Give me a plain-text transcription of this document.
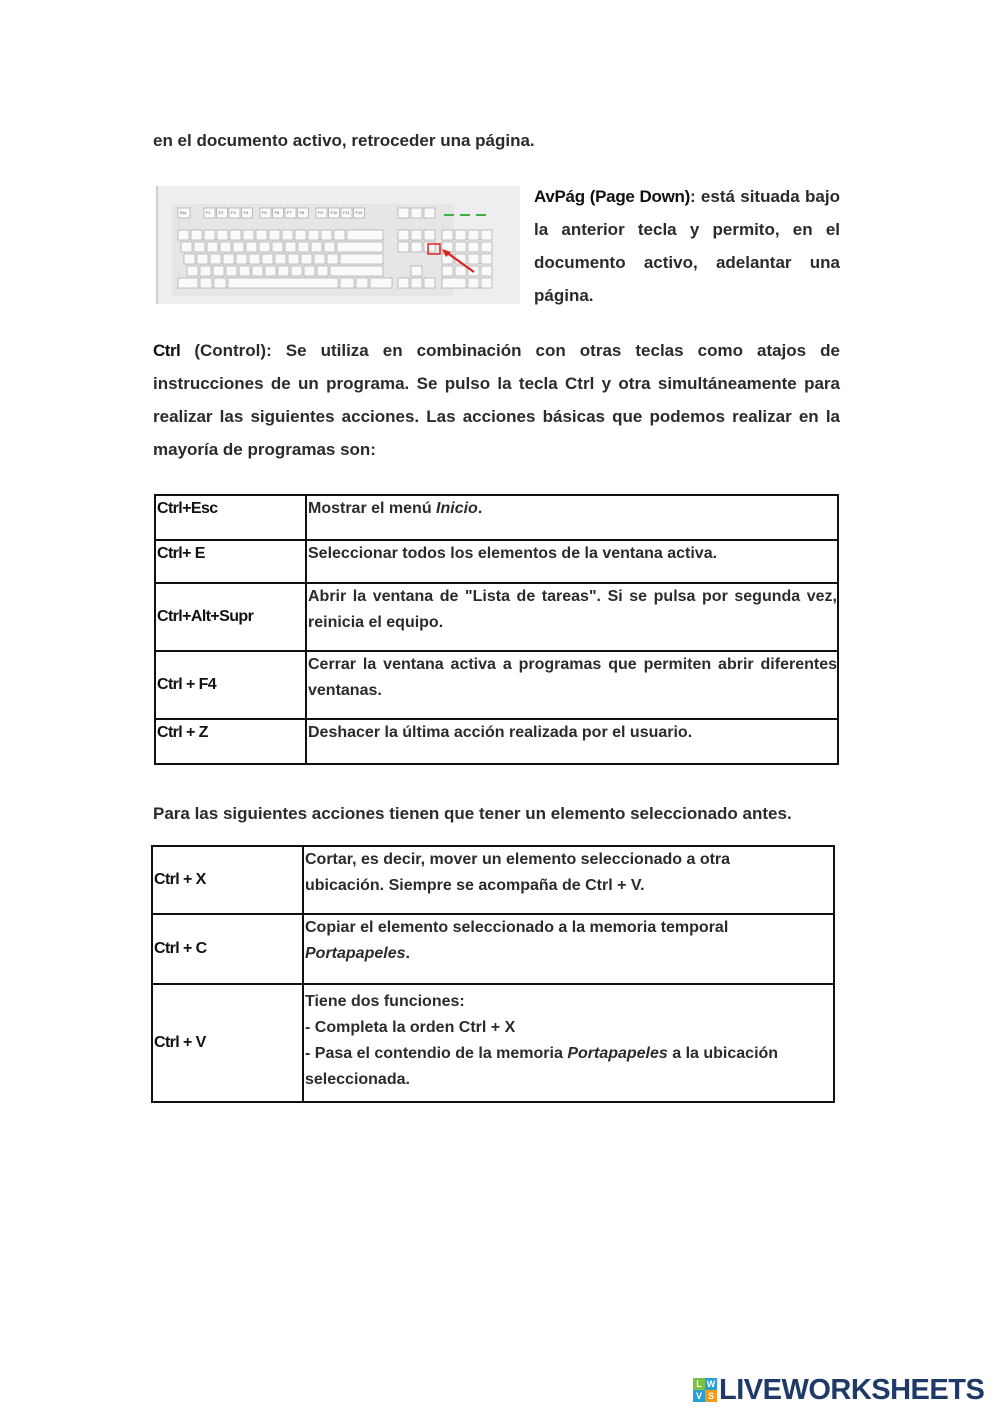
en el documento activo, retroceder una página.
Esc	F1 F2 F3 F4	F5 F6 F7 F8	F9 F10 F11 F12
AvPág (Page Down): está situada bajo la anterior tecla y permito, en el documento activo, adelantar una página.
Ctrl (Control): Se utiliza en combinación con otras teclas como atajos de instrucciones de un programa. Se pulso la tecla Ctrl y otra simultáneamente para realizar las siguientes acciones. Las acciones básicas que podemos realizar en la mayoría de programas son:
Ctrl+Esc	Mostrar el menú Inicio.
Ctrl+ E	Seleccionar todos los elementos de la ventana activa.
Ctrl+Alt+Supr	Abrir la ventana de "Lista de tareas". Si se pulsa por segunda vez, reinicia el equipo.
Ctrl + F4	Cerrar la ventana activa a programas que permiten abrir diferentes ventanas.
Ctrl + Z	Deshacer la última acción realizada por el usuario.
Para las siguientes acciones tienen que tener un elemento seleccionado antes.
Ctrl + X	Cortar, es decir, mover un elemento seleccionado a otra
ubicación. Siempre se acompaña de Ctrl + V.

Ctrl + C	Copiar el elemento seleccionado a la memoria temporal
Portapapeles.

Ctrl + V	Tiene dos funciones:
- Completa la orden Ctrl + X
- Pasa el contendio de la memoria Portapapeles a la ubicación
seleccionada.
L W
V S LIVEWORKSHEETS
